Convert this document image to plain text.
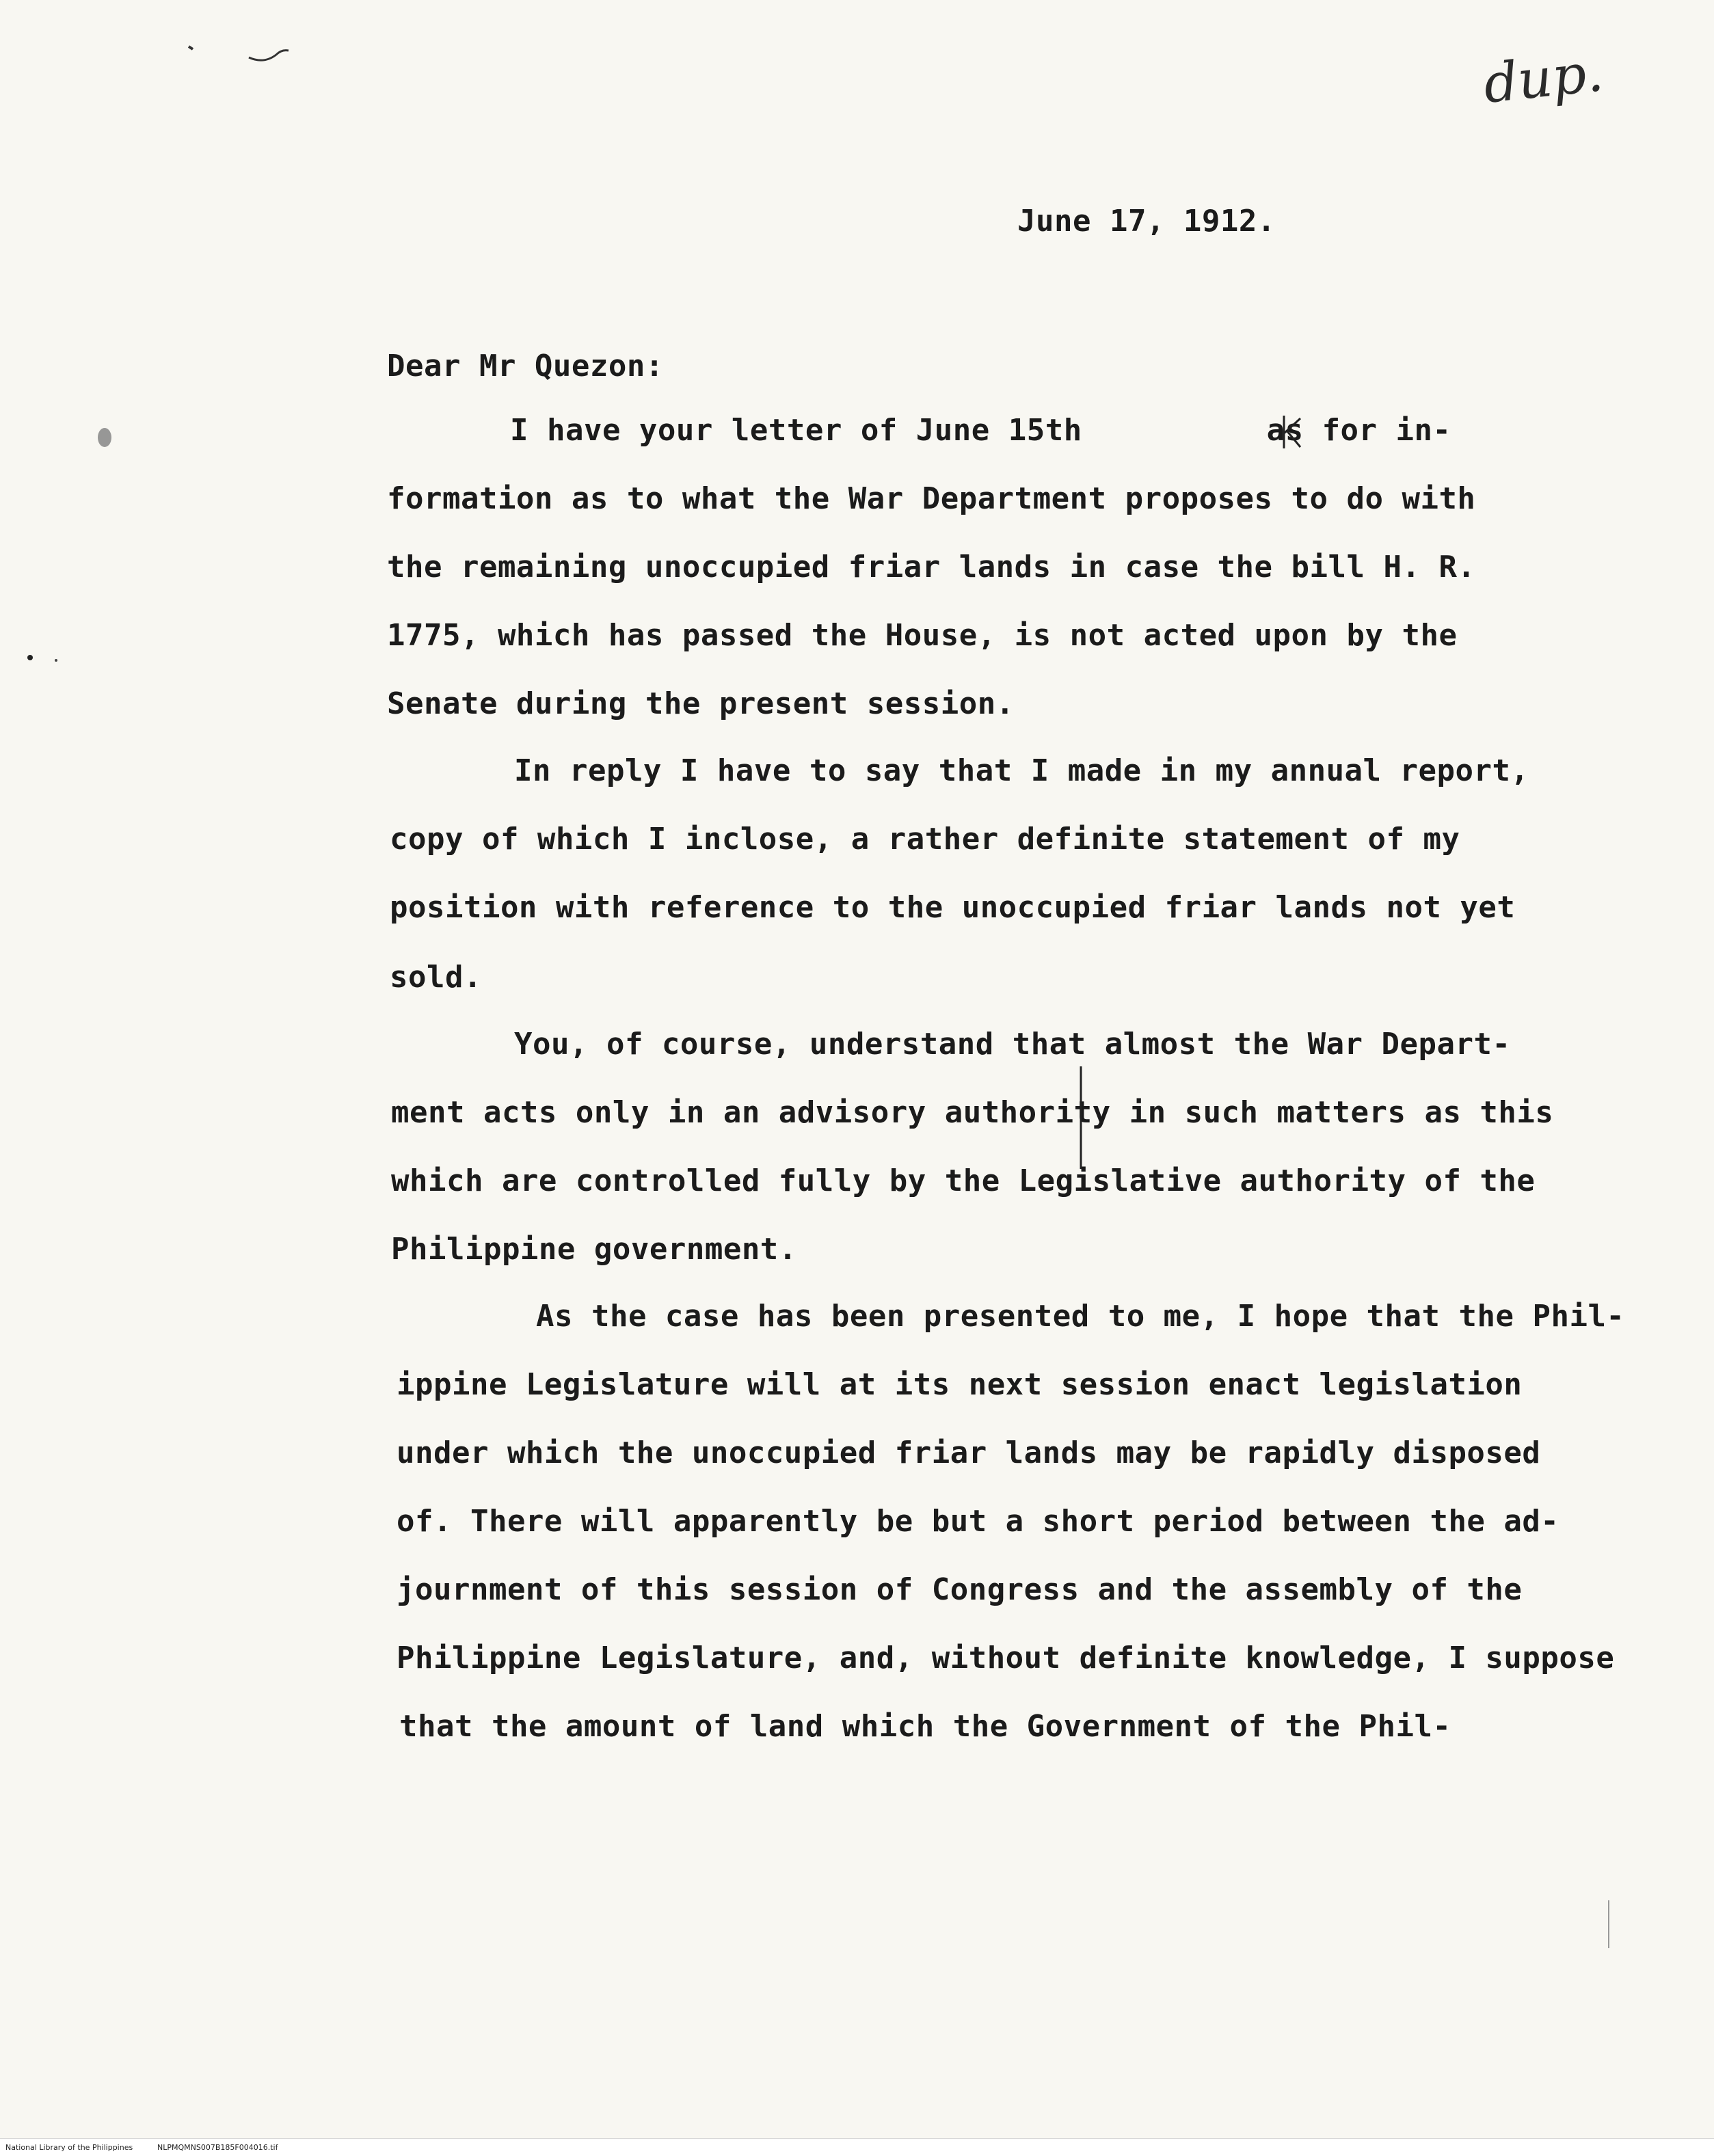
dup.
June 17, 1912.
Dear Mr Quezon:
I have your letter of June 15th          as for in-
formation as to what the War Department proposes to do with
the remaining unoccupied friar lands in case the bill H. R.
1775, which has passed the House, is not acted upon by the
Senate during the present session.
In reply I have to say that I made in my annual report,
copy of which I inclose, a rather definite statement of my
position with reference to the unoccupied friar lands not yet
sold.
You, of course, understand that almost the War Depart-
ment acts only in an advisory authority in such matters as this
which are controlled fully by the Legislative authority of the
Philippine government.
As the case has been presented to me, I hope that the Phil-
ippine Legislature will at its next session enact legislation
under which the unoccupied friar lands may be rapidly disposed
of. There will apparently be but a short period between the ad-
journment of this session of Congress and the assembly of the
Philippine Legislature, and, without definite knowledge, I suppose
that the amount of land which the Government of the Phil-
National Library of the Philippines	NLPMQMNS007B185F004016.tif
